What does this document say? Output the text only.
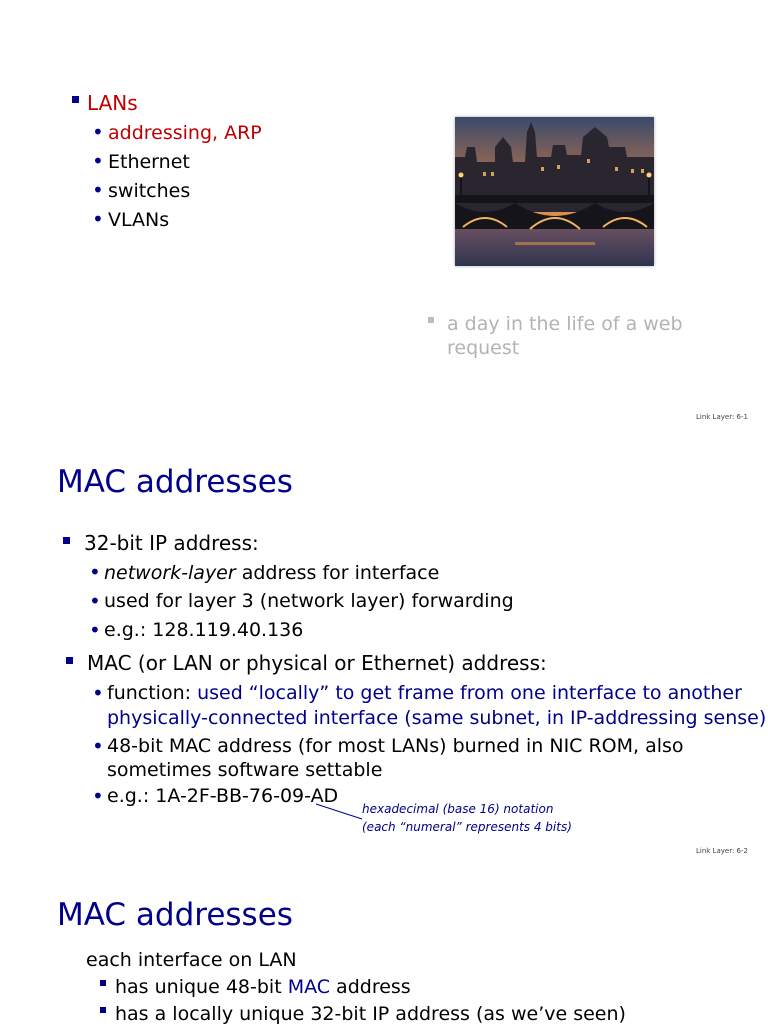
LANs
• addressing, ARP
• Ethernet
• switches
• VLANs
a day in the life of a web
request
Link Layer: 6-1
MAC addresses
32-bit IP address:
• network-layer address for interface
• used for layer 3 (network layer) forwarding
• e.g.: 128.119.40.136
MAC (or LAN or physical or Ethernet) address:
• function: used “locally” to get frame from one interface to another
physically-connected interface (same subnet, in IP-addressing sense)
• 48-bit MAC address (for most LANs) burned in NIC ROM, also
sometimes software settable
• e.g.: 1A-2F-BB-76-09-AD
hexadecimal (base 16) notation
(each “numeral” represents 4 bits)
Link Layer: 6-2
MAC addresses
each interface on LAN
has unique 48-bit MAC address
has a locally unique 32-bit IP address (as we’ve seen)
